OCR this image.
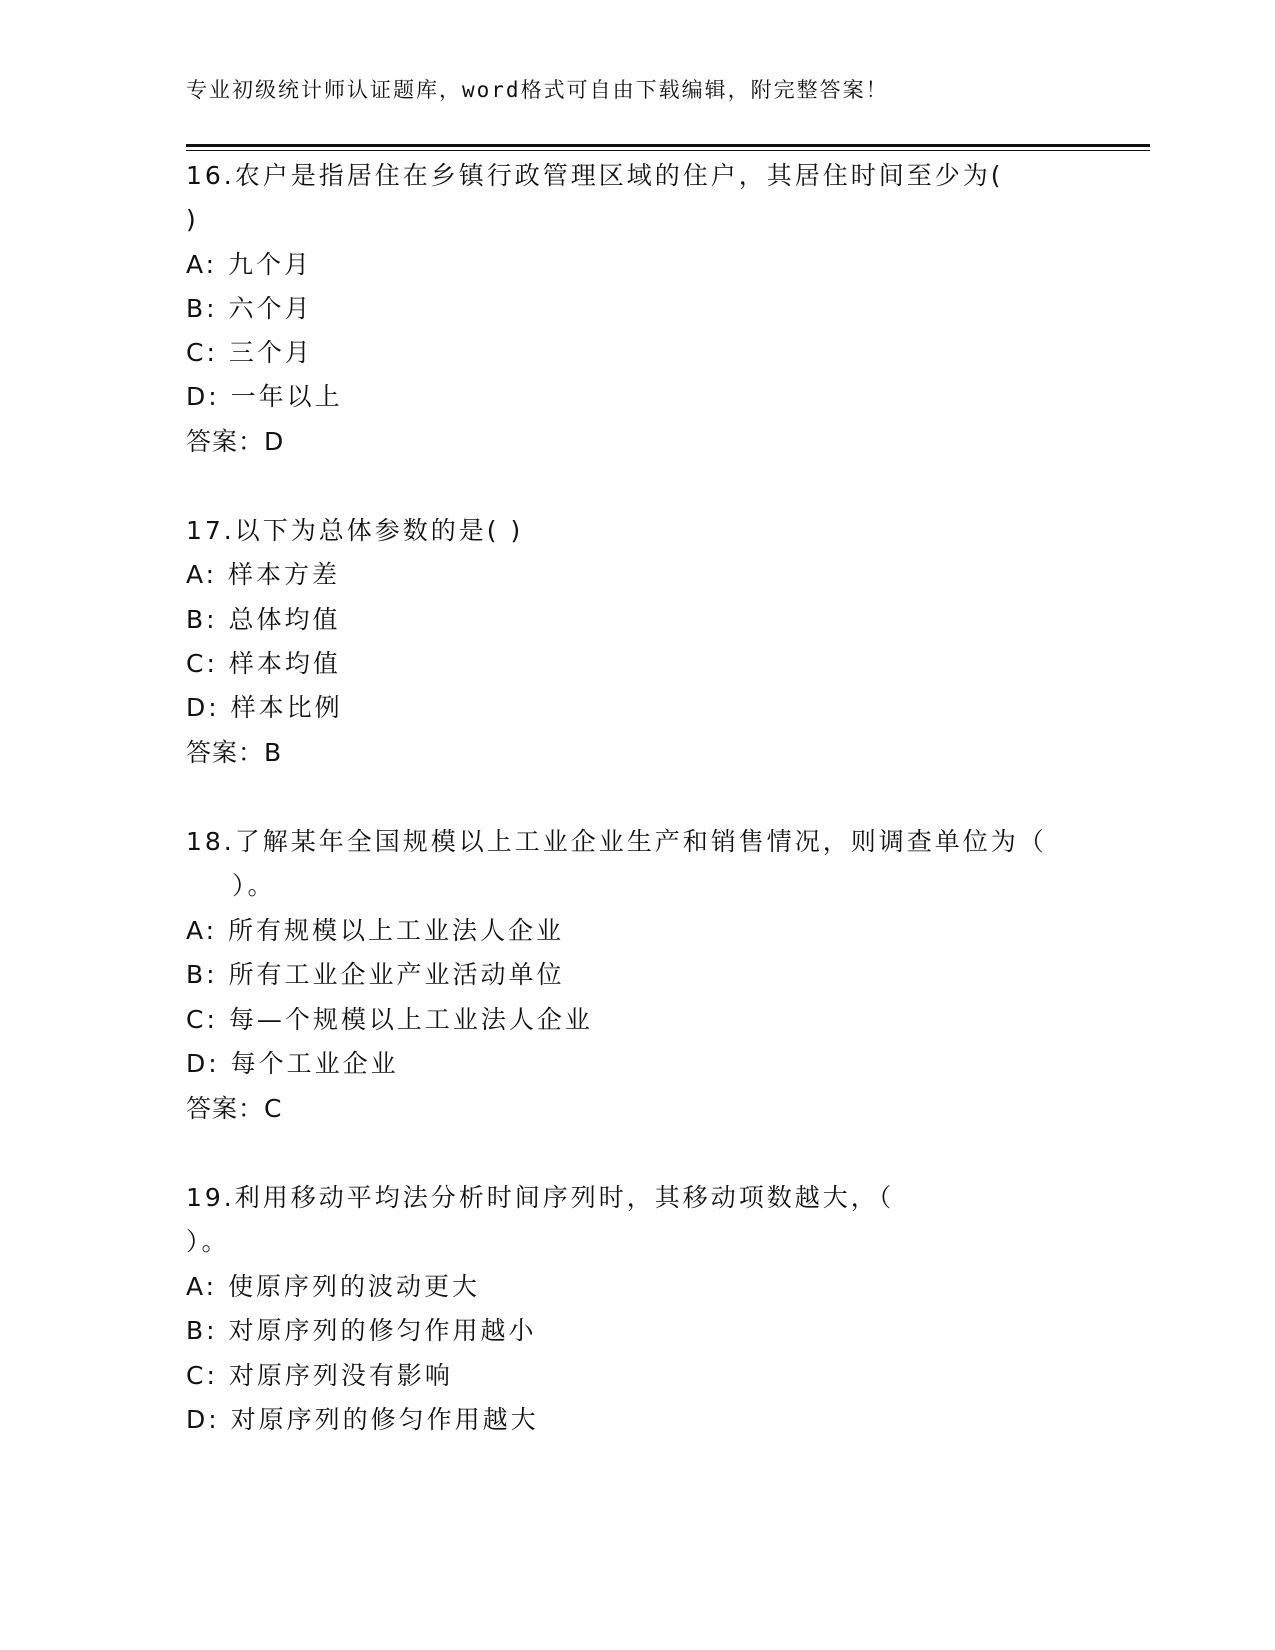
专业初级统计师认证题库，word格式可自由下载编辑，附完整答案！
16.农户是指居住在乡镇行政管理区域的住户，其居住时间至少为(
)
A: 九个月
B: 六个月
C: 三个月
D: 一年以上
答案：D
17.以下为总体参数的是( )
A: 样本方差
B: 总体均值
C: 样本均值
D: 样本比例
答案：B
18.了解某年全国规模以上工业企业生产和销售情况，则调查单位为（
）。
A: 所有规模以上工业法人企业
B: 所有工业企业产业活动单位
C: 每—个规模以上工业法人企业
D: 每个工业企业
答案：C
19.利用移动平均法分析时间序列时，其移动项数越大，（
）。
A: 使原序列的波动更大
B: 对原序列的修匀作用越小
C: 对原序列没有影响
D: 对原序列的修匀作用越大
